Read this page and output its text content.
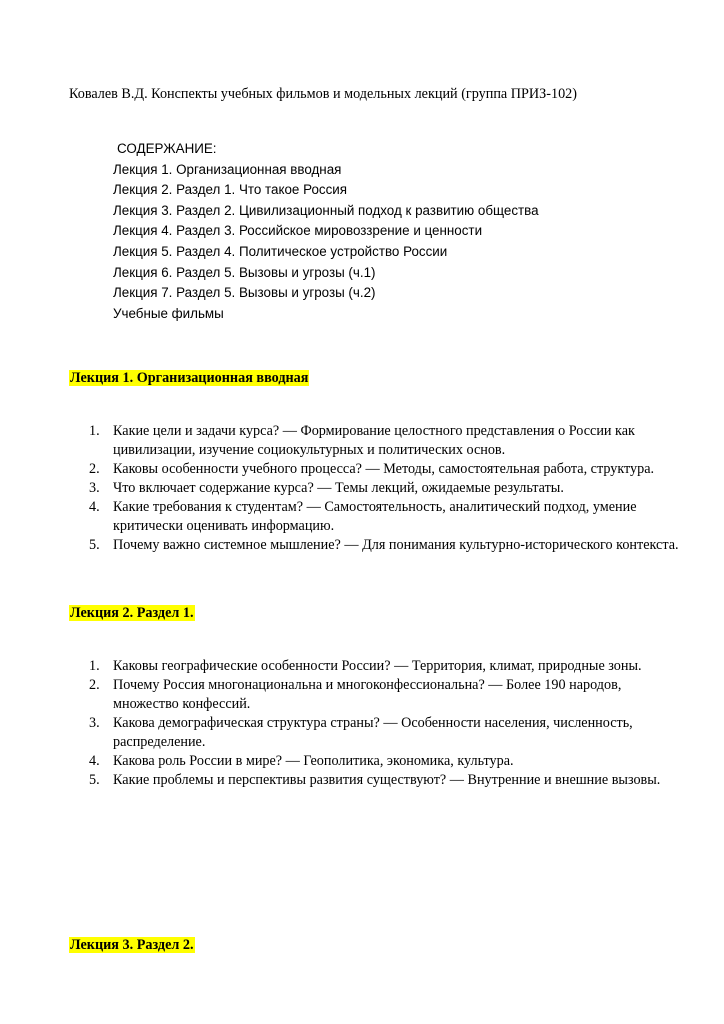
Ковалев В.Д. Конспекты учебных фильмов и модельных лекций (группа ПРИЗ-102)
СОДЕРЖАНИЕ:
Лекция 1. Организационная вводная
Лекция 2. Раздел 1. Что такое Россия
Лекция 3. Раздел 2. Цивилизационный подход к развитию общества
Лекция 4. Раздел 3. Российское мировоззрение и ценности
Лекция 5. Раздел 4. Политическое устройство России
Лекция 6. Раздел 5. Вызовы и угрозы (ч.1)
Лекция 7. Раздел 5. Вызовы и угрозы (ч.2)
Учебные фильмы
Лекция 1. Организационная вводная
1. Какие цели и задачи курса? — Формирование целостного представления о России как цивилизации, изучение социокультурных и политических основ.
2. Каковы особенности учебного процесса? — Методы, самостоятельная работа, структура.
3. Что включает содержание курса? — Темы лекций, ожидаемые результаты.
4. Какие требования к студентам? — Самостоятельность, аналитический подход, умение критически оценивать информацию.
5. Почему важно системное мышление? — Для понимания культурно-исторического контекста.
Лекция 2. Раздел 1.
1. Каковы географические особенности России? — Территория, климат, природные зоны.
2. Почему Россия многонациональна и многоконфессиональна? — Более 190 народов, множество конфессий.
3. Какова демографическая структура страны? — Особенности населения, численность, распределение.
4. Какова роль России в мире? — Геополитика, экономика, культура.
5. Какие проблемы и перспективы развития существуют? — Внутренние и внешние вызовы.
Лекция 3. Раздел 2.
